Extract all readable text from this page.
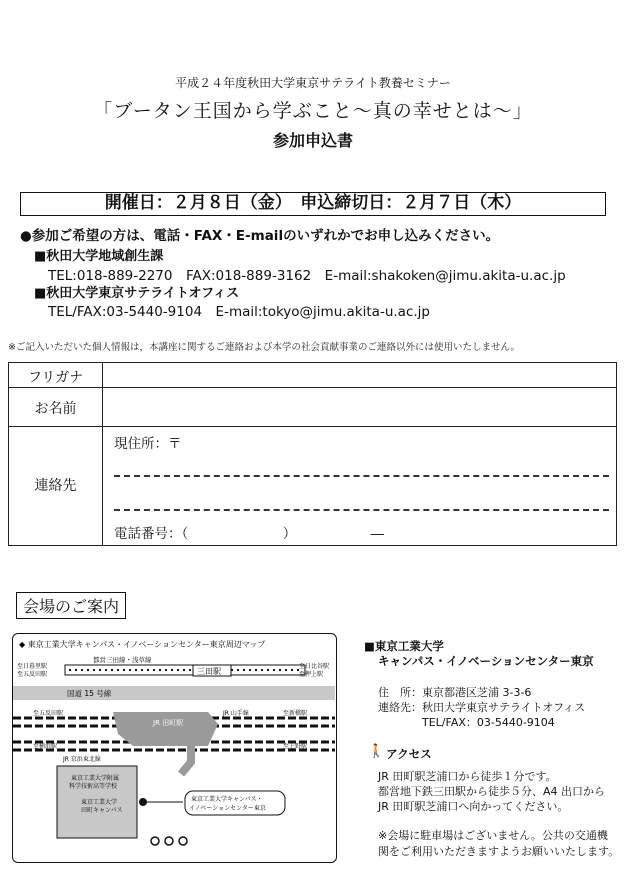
平成２４年度秋田大学東京サテライト教養セミナー
「ブータン王国から学ぶこと〜真の幸せとは〜」
参加申込書
開催日：２月８日（金）　申込締切日：２月７日（木）
●参加ご希望の方は、電話・FAX・E-mailのいずれかでお申し込みください。
■秋田大学地域創生課
TEL:018-889-2270　FAX:018-889-3162　E-mail:shakoken@jimu.akita-u.ac.jp
■秋田大学東京サテライトオフィス
TEL/FAX:03-5440-9104　E-mail:tokyo@jimu.akita-u.ac.jp
※ご記入いただいた個人情報は，本講座に関するご連絡および本学の社会貢献事業のご連絡以外には使用いたしません。
フリガナ
お名前
連絡先
現住所：〒
電話番号：（　　　　　　　）　　　　　　―
会場のご案内
◆ 東京工業大学キャンパス・イノベーションセンター東京周辺マップ
都営三田線・浅草線
三田駅
至日暮里駅
至五反田駅
至日比谷駅
至押上駅
国道 15 号線
至五反田駅	JR 山手線	至新橋駅
至横浜駅	至上野駅
JR 田町駅
JR 京浜東北線
東京工業大学附属
科学技術高等学校
東京工業大学
田町キャンパス
東京工業大学キャンパス・
イノベーションセンター東京
■東京工業大学
キャンパス・イノベーションセンター東京
住　所：東京都港区芝浦 3-3-6
連絡先：秋田大学東京サテライトオフィス
TEL/FAX：03-5440-9104
🚶 アクセス
JR 田町駅芝浦口から徒歩１分です。
都営地下鉄三田駅から徒歩５分、A4 出口から
JR 田町駅芝浦口へ向かってください。
※会場に駐車場はございません。公共の交通機
関をご利用いただきますようお願いいたします。
